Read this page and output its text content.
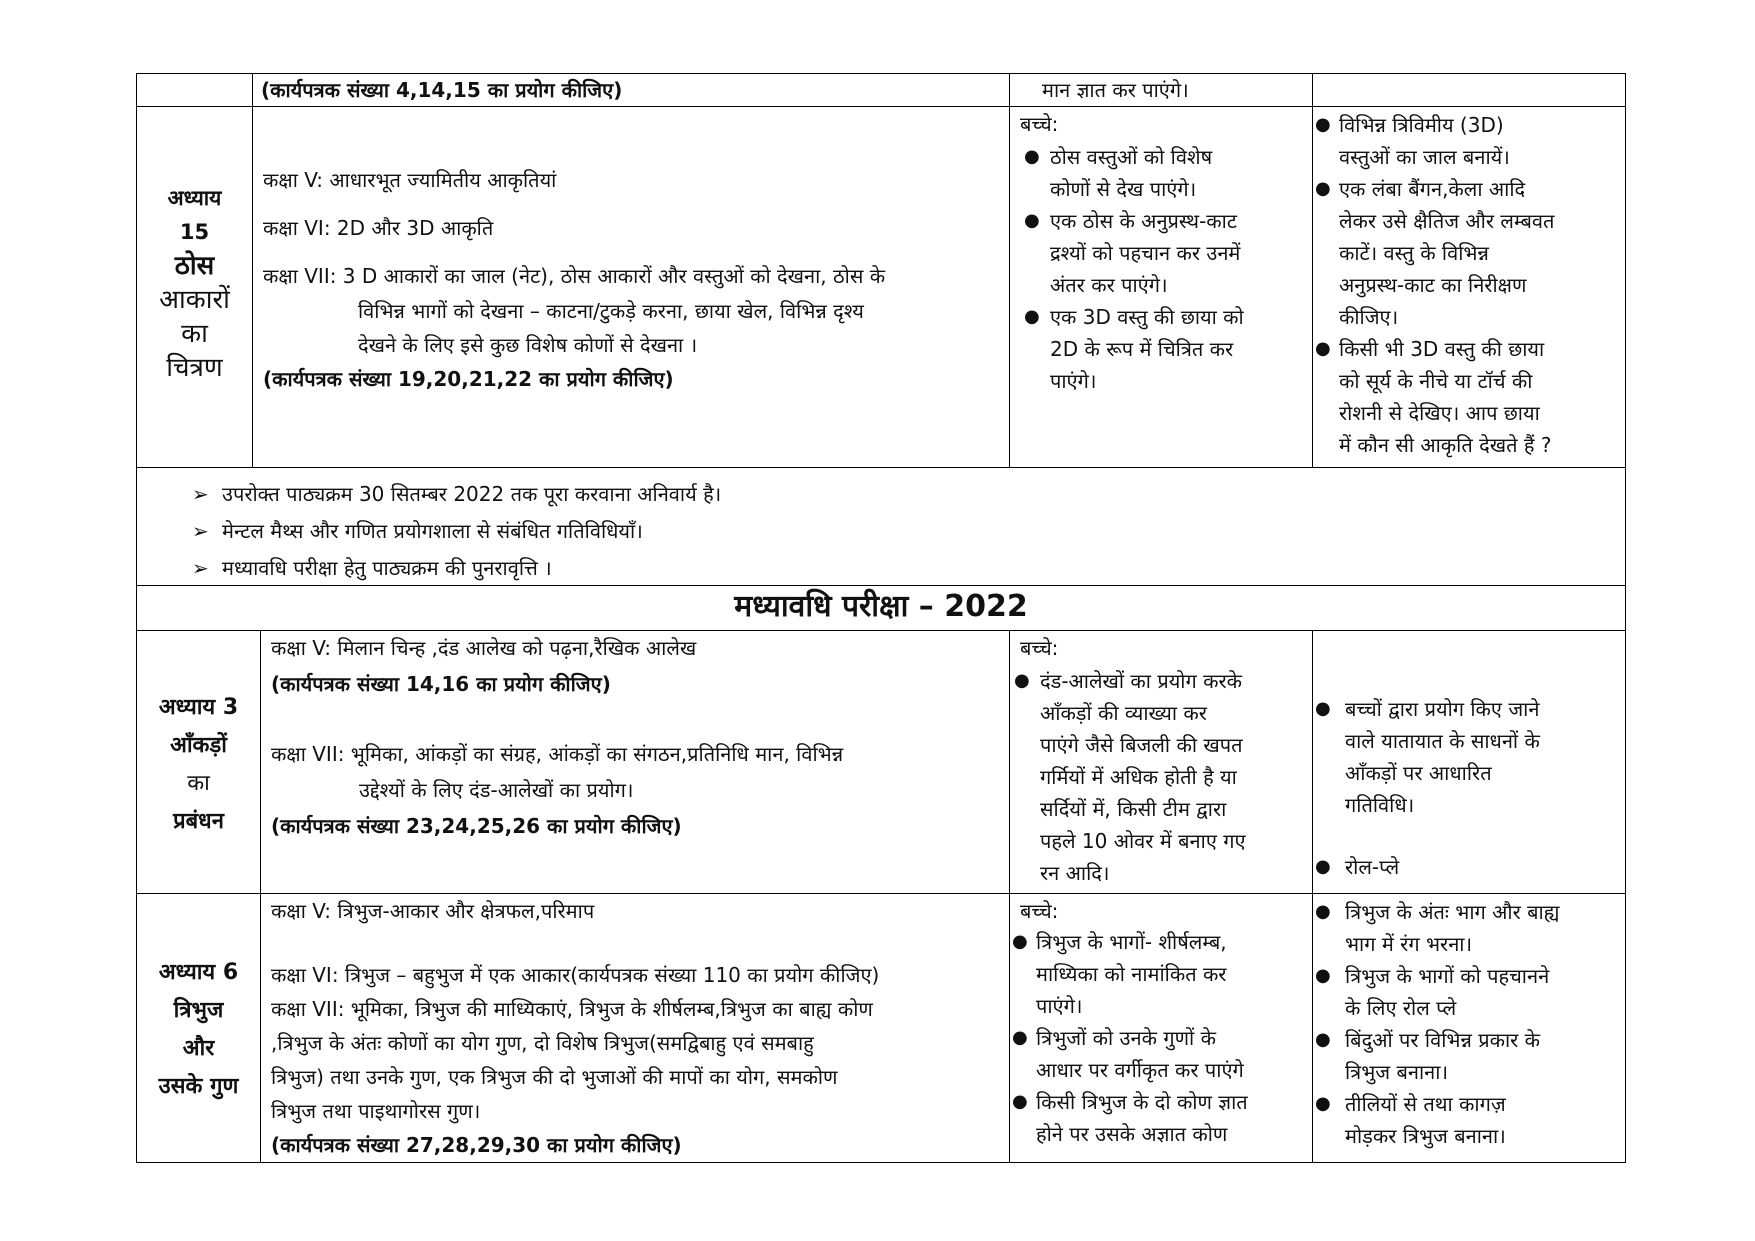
(कार्यपत्रक संख्या 4,14,15 का प्रयोग कीजिए)	मान ज्ञात कर पाएंगे।
अध्याय
15
ठोस
आकारों
का
चित्रण
कक्षा V: आधारभूत ज्यामितीय आकृतियां
कक्षा VI: 2D और 3D आकृति
कक्षा VII: 3 D आकारों का जाल (नेट), ठोस आकारों और वस्तुओं को देखना, ठोस के
विभिन्न भागों को देखना – काटना/टुकड़े करना, छाया खेल, विभिन्न दृश्य
देखने के लिए इसे कुछ विशेष कोणों से देखना ।
(कार्यपत्रक संख्या 19,20,21,22 का प्रयोग कीजिए)
बच्चे:
● ठोस वस्तुओं को विशेष
कोणों से देख पाएंगे।
● एक ठोस के अनुप्रस्थ-काट
द्रश्यों को पहचान कर उनमें
अंतर कर पाएंगे।
● एक 3D वस्तु की छाया को
2D के रूप में चित्रित कर
पाएंगे।
● विभिन्न त्रिविमीय (3D)
वस्तुओं का जाल बनायें।
● एक लंबा बैंगन,केला आदि
लेकर उसे क्षैतिज और लम्बवत
काटें। वस्तु के विभिन्न
अनुप्रस्थ-काट का निरीक्षण
कीजिए।
● किसी भी 3D वस्तु की छाया
को सूर्य के नीचे या टॉर्च की
रोशनी से देखिए। आप छाया
में कौन सी आकृति देखते हैं ?
➢ उपरोक्त पाठ्यक्रम 30 सितम्बर 2022 तक पूरा करवाना अनिवार्य है।
➢ मेन्टल मैथ्स और गणित प्रयोगशाला से संबंधित गतिविधियाँ।
➢ मध्यावधि परीक्षा हेतु पाठ्यक्रम की पुनरावृत्ति ।
मध्यावधि परीक्षा – 2022
अध्याय 3
आँकड़ों
का
प्रबंधन
कक्षा V: मिलान चिन्ह ,दंड आलेख को पढ़ना,रैखिक आलेख
(कार्यपत्रक संख्या 14,16 का प्रयोग कीजिए)
कक्षा VII: भूमिका, आंकड़ों का संग्रह, आंकड़ों का संगठन,प्रतिनिधि मान, विभिन्न
उद्देश्यों के लिए दंड-आलेखों का प्रयोग।
(कार्यपत्रक संख्या 23,24,25,26 का प्रयोग कीजिए)
बच्चे:
● दंड-आलेखों का प्रयोग करके
आँकड़ों की व्याख्या कर
पाएंगे जैसे बिजली की खपत
गर्मियों में अधिक होती है या
सर्दियों में, किसी टीम द्वारा
पहले 10 ओवर में बनाए गए
रन आदि।
● बच्चों द्वारा प्रयोग किए जाने
वाले यातायात के साधनों के
आँकड़ों पर आधारित
गतिविधि।
● रोल-प्ले
अध्याय 6
त्रिभुज
और
उसके गुण
कक्षा V: त्रिभुज-आकार और क्षेत्रफल,परिमाप
कक्षा VI: त्रिभुज – बहुभुज में एक आकार(कार्यपत्रक संख्या 110 का प्रयोग कीजिए)
कक्षा VII: भूमिका, त्रिभुज की माध्यिकाएं, त्रिभुज के शीर्षलम्ब,त्रिभुज का बाह्य कोण
,त्रिभुज के अंतः कोणों का योग गुण, दो विशेष त्रिभुज(समद्विबाहु एवं समबाहु
त्रिभुज) तथा उनके गुण, एक त्रिभुज की दो भुजाओं की मापों का योग, समकोण
त्रिभुज तथा पाइथागोरस गुण।
(कार्यपत्रक संख्या 27,28,29,30 का प्रयोग कीजिए)
बच्चे:
● त्रिभुज के भागों- शीर्षलम्ब,
माध्यिका को नामांकित कर
पाएंगे।
● त्रिभुजों को उनके गुणों के
आधार पर वर्गीकृत कर पाएंगे
● किसी त्रिभुज के दो कोण ज्ञात
होने पर उसके अज्ञात कोण
● त्रिभुज के अंतः भाग और बाह्य
भाग में रंग भरना।
● त्रिभुज के भागों को पहचानने
के लिए रोल प्ले
● बिंदुओं पर विभिन्न प्रकार के
त्रिभुज बनाना।
● तीलियों से तथा कागज़
मोड़कर त्रिभुज बनाना।
